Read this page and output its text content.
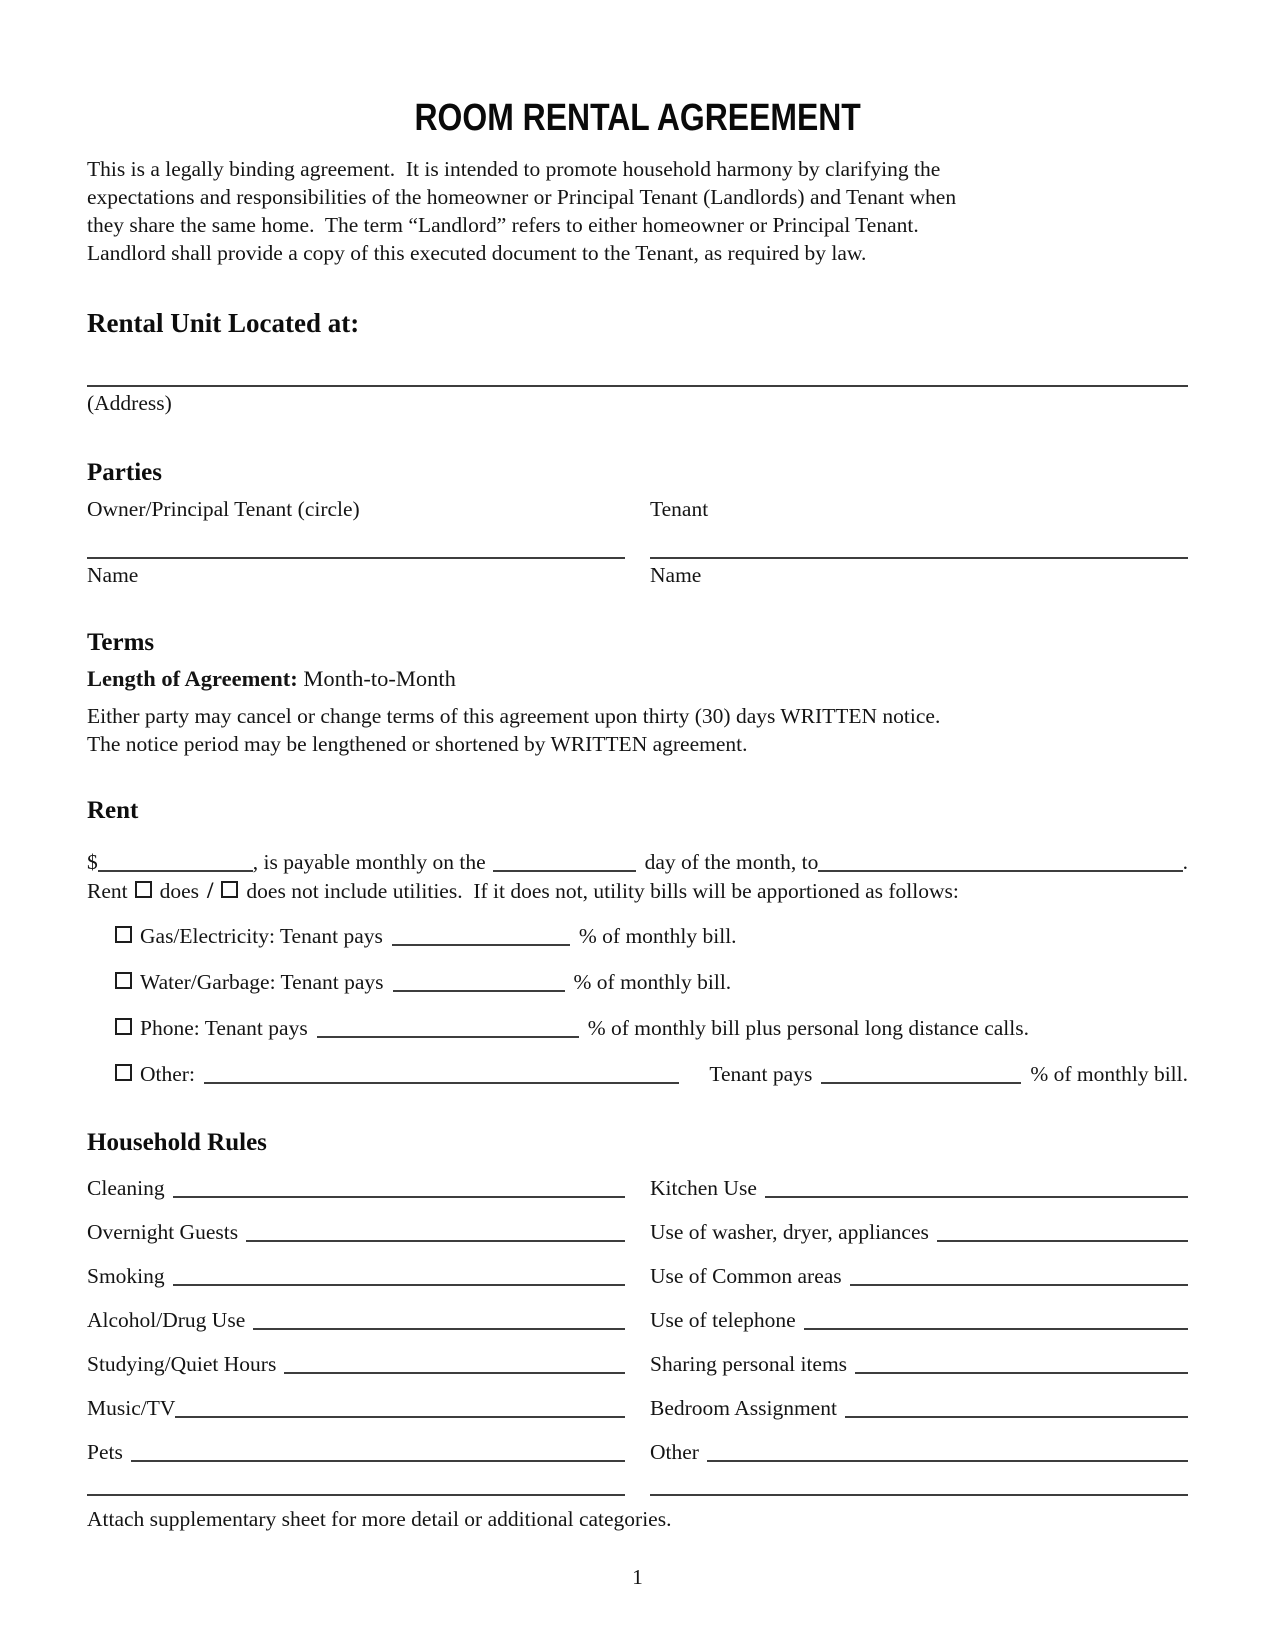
ROOM RENTAL AGREEMENT
This is a legally binding agreement.  It is intended to promote household harmony by clarifying the
expectations and responsibilities of the homeowner or Principal Tenant (Landlords) and Tenant when
they share the same home.  The term “Landlord” refers to either homeowner or Principal Tenant.
Landlord shall provide a copy of this executed document to the Tenant, as required by law.
Rental Unit Located at:
(Address)
Parties
Owner/Principal Tenant (circle)	Tenant
Name	Name
Terms
Length of Agreement: Month-to-Month
Either party may cancel or change terms of this agreement upon thirty (30) days WRITTEN notice.
The notice period may be lengthened or shortened by WRITTEN agreement.
Rent
$	, is payable monthly on the	day of the month, to	.
Rent does /	does not include utilities.  If it does not, utility bills will be apportioned as follows:
Gas/Electricity: Tenant pays	% of monthly bill.
Water/Garbage: Tenant pays	% of monthly bill.
Phone: Tenant pays	% of monthly bill plus personal long distance calls.
Other:	Tenant pays	% of monthly bill.
Household Rules
Cleaning	Kitchen Use
Overnight Guests	Use of washer, dryer, appliances
Smoking	Use of Common areas
Alcohol/Drug Use	Use of telephone
Studying/Quiet Hours	Sharing personal items
Music/TV	Bedroom Assignment
Pets	Other
Attach supplementary sheet for more detail or additional categories.
1
